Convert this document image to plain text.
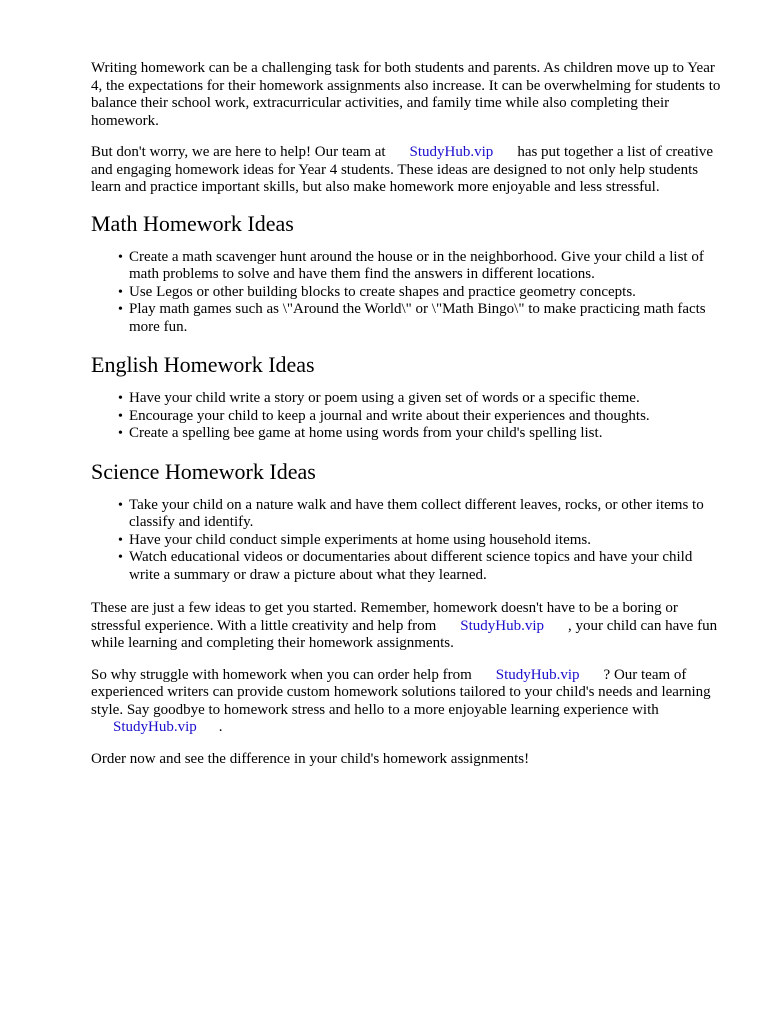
Writing homework can be a challenging task for both students and parents. As children move up to Year 4, the expectations for their homework assignments also increase. It can be overwhelming for students to balance their school work, extracurricular activities, and family time while also completing their homework.

But don't worry, we are here to help! Our team at StudyHub.vip has put together a list of creative and engaging homework ideas for Year 4 students. These ideas are designed to not only help students learn and practice important skills, but also make homework more enjoyable and less stressful.

Math Homework Ideas
• Create a math scavenger hunt around the house or in the neighborhood. Give your child a list of math problems to solve and have them find the answers in different locations.
• Use Legos or other building blocks to create shapes and practice geometry concepts.
• Play math games such as \"Around the World\" or \"Math Bingo\" to make practicing math facts more fun.
English Homework Ideas
• Have your child write a story or poem using a given set of words or a specific theme.
• Encourage your child to keep a journal and write about their experiences and thoughts.
• Create a spelling bee game at home using words from your child's spelling list.
Science Homework Ideas
• Take your child on a nature walk and have them collect different leaves, rocks, or other items to classify and identify.
• Have your child conduct simple experiments at home using household items.
• Watch educational videos or documentaries about different science topics and have your child write a summary or draw a picture about what they learned.

These are just a few ideas to get you started. Remember, homework doesn't have to be a boring or stressful experience. With a little creativity and help from StudyHub.vip , your child can have fun while learning and completing their homework assignments.

So why struggle with homework when you can order help from StudyHub.vip ? Our team of experienced writers can provide custom homework solutions tailored to your child's needs and learning style. Say goodbye to homework stress and hello to a more enjoyable learning experience withStudyHub.vip .

Order now and see the difference in your child's homework assignments!
